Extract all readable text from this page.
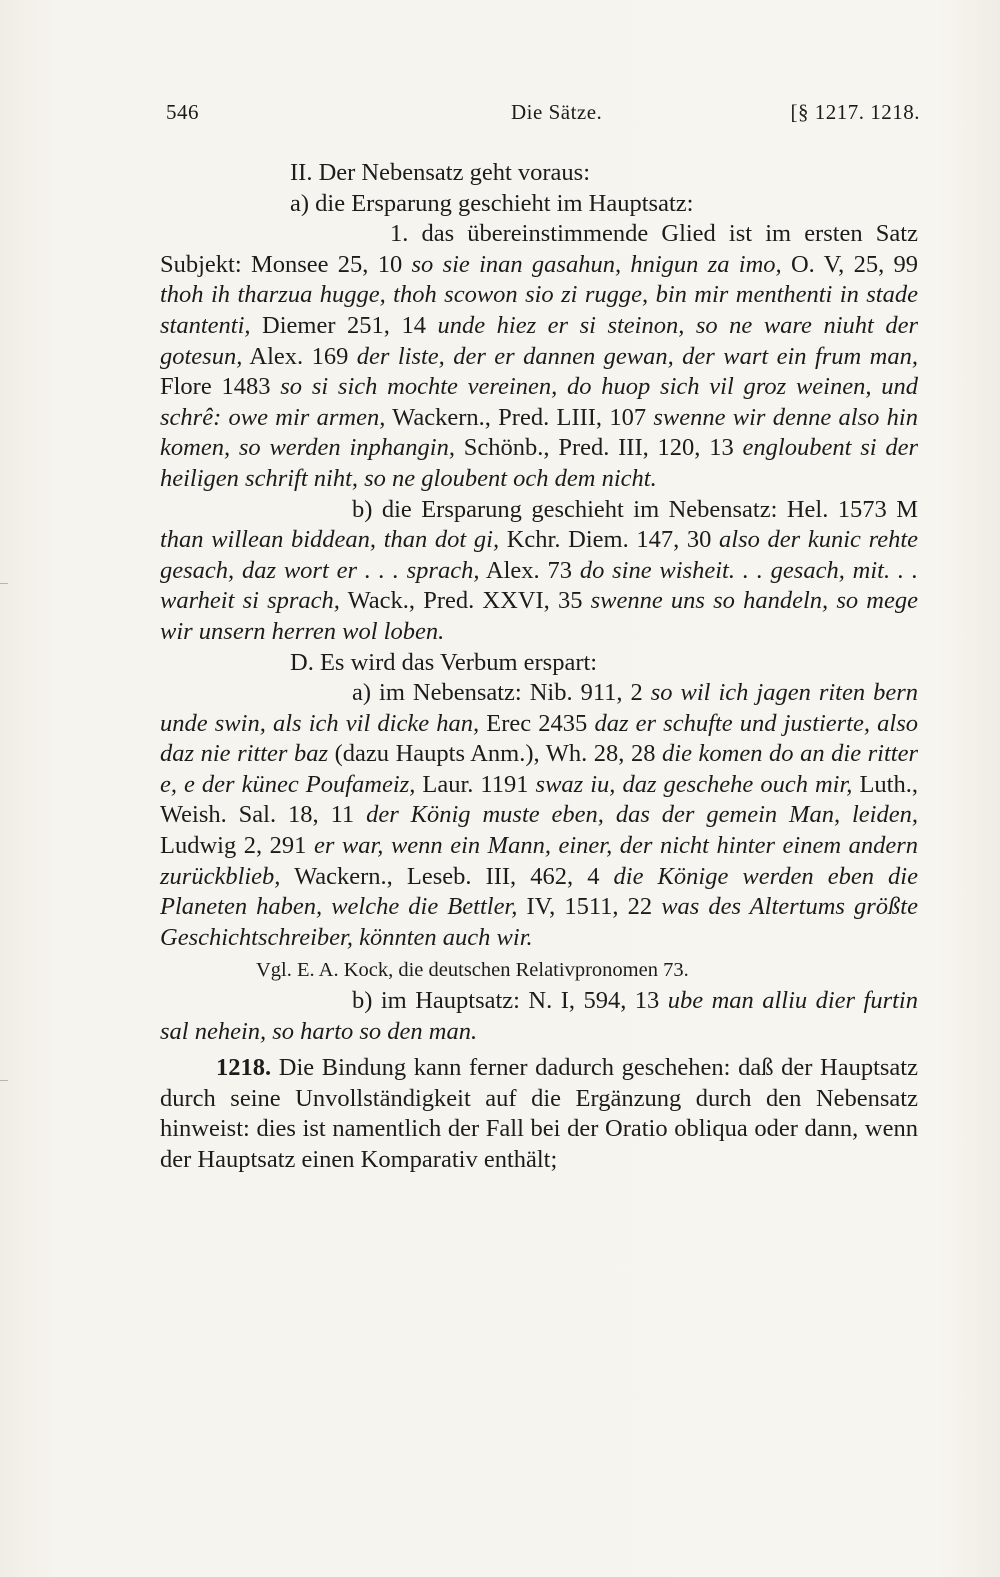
546	Die Sätze.	[§ 1217. 1218.

II. Der Nebensatz geht voraus:

a) die Ersparung geschieht im Hauptsatz:

1. das übereinstimmende Glied ist im ersten Satz Subjekt: Monsee 25, 10 so sie inan gasahun, hnigun za imo, O. V, 25, 99 thoh ih tharzua hugge, thoh scowon sio zi rugge, bin mir menthenti in stade stantenti, Diemer 251, 14 unde hiez er si steinon, so ne ware niuht der gotesun, Alex. 169 der liste, der er dannen gewan, der wart ein frum man, Flore 1483 so si sich mochte vereinen, do huop sich vil groz weinen, und schrê: owe mir armen, Wackern., Pred. LIII, 107 swenne wir denne also hin komen, so werden inphangin, Schönb., Pred. III, 120, 13 engloubent si der heiligen schrift niht, so ne gloubent och dem nicht.

b) die Ersparung geschieht im Nebensatz: Hel. 1573 M than willean biddean, than dot gi, Kchr. Diem. 147, 30 also der kunic rehte gesach, daz wort er . . . sprach, Alex. 73 do sine wisheit. . . gesach, mit. . . warheit si sprach, Wack., Pred. XXVI, 35 swenne uns so handeln, so mege wir unsern herren wol loben.

D. Es wird das Verbum erspart:

a) im Nebensatz: Nib. 911, 2 so wil ich jagen riten bern unde swin, als ich vil dicke han, Erec 2435 daz er schufte und justierte, also daz nie ritter baz (dazu Haupts Anm.), Wh. 28, 28 die komen do an die ritter e, e der künec Poufameiz, Laur. 1191 swaz iu, daz geschehe ouch mir, Luth., Weish. Sal. 18, 11 der König muste eben, das der gemein Man, leiden, Ludwig 2, 291 er war, wenn ein Mann, einer, der nicht hinter einem andern zurückblieb, Wackern., Leseb. III, 462, 4 die Könige werden eben die Planeten haben, welche die Bettler, IV, 1511, 22 was des Altertums größte Geschichtschreiber, könnten auch wir.

Vgl. E. A. Kock, die deutschen Relativpronomen 73.

b) im Hauptsatz: N. I, 594, 13 ube man alliu dier furtin sal nehein, so harto so den man.

1218. Die Bindung kann ferner dadurch geschehen: daß der Hauptsatz durch seine Unvollständigkeit auf die Ergänzung durch den Nebensatz hinweist: dies ist namentlich der Fall bei der Oratio obliqua oder dann, wenn der Hauptsatz einen Komparativ enthält;
